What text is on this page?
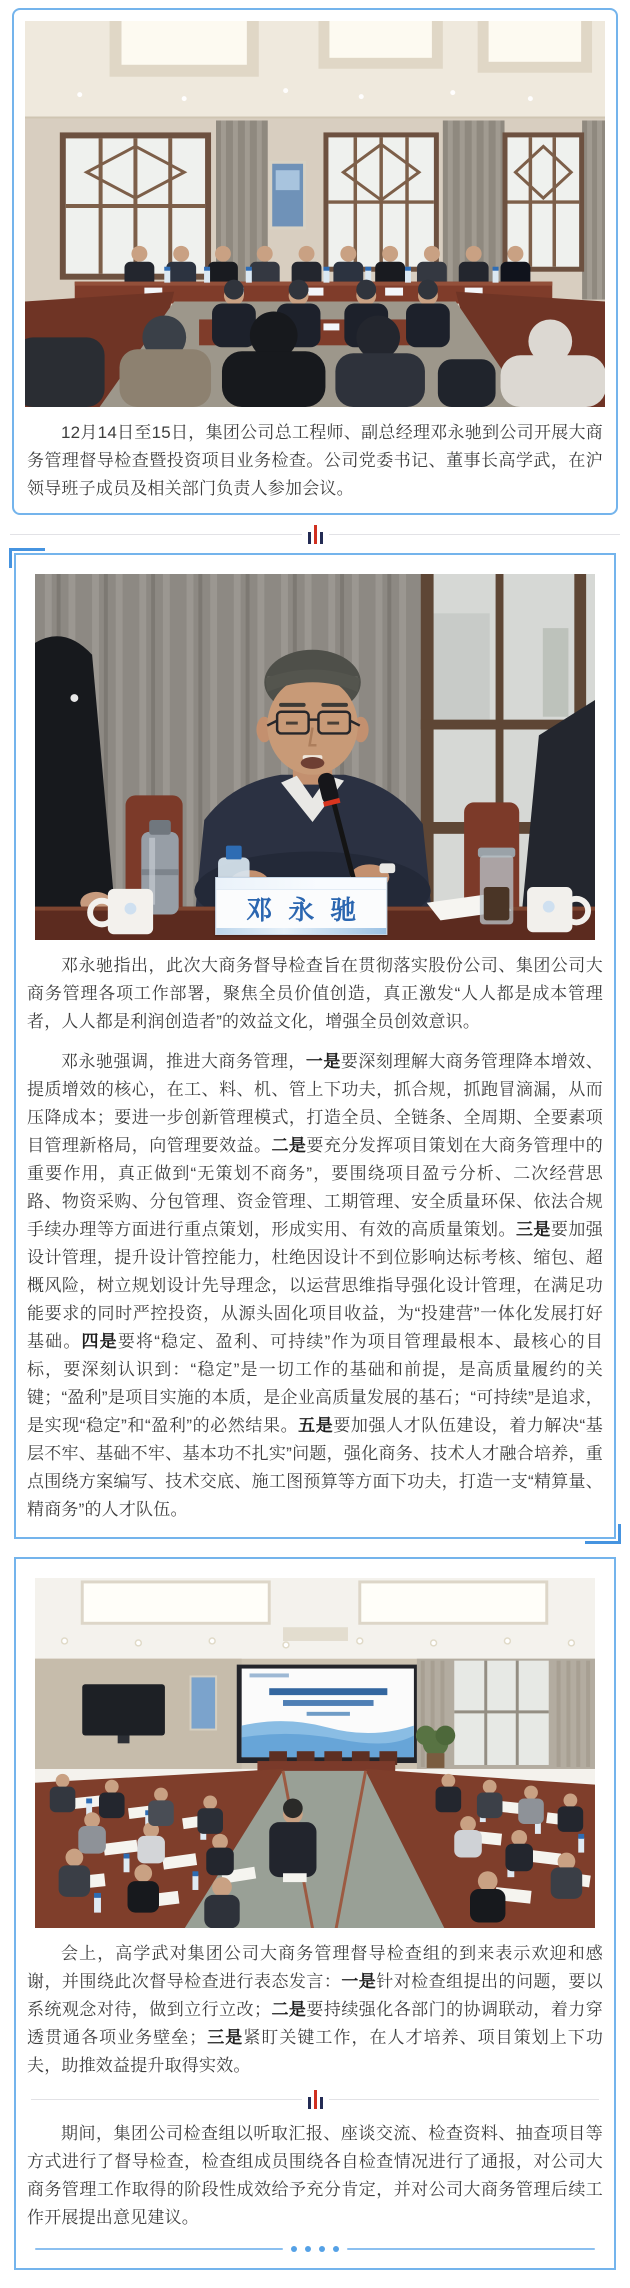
12月14日至15日，集团公司总工程师、副总经理邓永驰到公司开展大商务管理督导检查暨投资项目业务检查。公司党委书记、董事长高学武，在沪领导班子成员及相关部门负责人参加会议。

邓永驰

邓永驰指出，此次大商务督导检查旨在贯彻落实股份公司、集团公司大商务管理各项工作部署，聚焦全员价值创造，真正激发“人人都是成本管理者，人人都是利润创造者”的效益文化，增强全员创效意识。

邓永驰强调，推进大商务管理，一是要深刻理解大商务管理降本增效、提质增效的核心，在工、料、机、管上下功夫，抓合规，抓跑冒滴漏，从而压降成本；要进一步创新管理模式，打造全员、全链条、全周期、全要素项目管理新格局，向管理要效益。二是要充分发挥项目策划在大商务管理中的重要作用，真正做到“无策划不商务”，要围绕项目盈亏分析、二次经营思路、物资采购、分包管理、资金管理、工期管理、安全质量环保、依法合规手续办理等方面进行重点策划，形成实用、有效的高质量策划。三是要加强设计管理，提升设计管控能力，杜绝因设计不到位影响达标考核、缩包、超概风险，树立规划设计先导理念，以运营思维指导强化设计管理，在满足功能要求的同时严控投资，从源头固化项目收益，为“投建营”一体化发展打好基础。四是要将“稳定、盈利、可持续”作为项目管理最根本、最核心的目标，要深刻认识到：“稳定”是一切工作的基础和前提，是高质量履约的关键；“盈利”是项目实施的本质，是企业高质量发展的基石；“可持续”是追求，是实现“稳定”和“盈利”的必然结果。五是要加强人才队伍建设，着力解决“基层不牢、基础不牢、基本功不扎实”问题，强化商务、技术人才融合培养，重点围绕方案编写、技术交底、施工图预算等方面下功夫，打造一支“精算量、精商务”的人才队伍。

会上，高学武对集团公司大商务管理督导检查组的到来表示欢迎和感谢，并围绕此次督导检查进行表态发言：一是针对检查组提出的问题，要以系统观念对待，做到立行立改；二是要持续强化各部门的协调联动，着力穿透贯通各项业务壁垒；三是紧盯关键工作，在人才培养、项目策划上下功夫，助推效益提升取得实效。

期间，集团公司检查组以听取汇报、座谈交流、检查资料、抽查项目等方式进行了督导检查，检查组成员围绕各自检查情况进行了通报，对公司大商务管理工作取得的阶段性成效给予充分肯定，并对公司大商务管理后续工作开展提出意见建议。
